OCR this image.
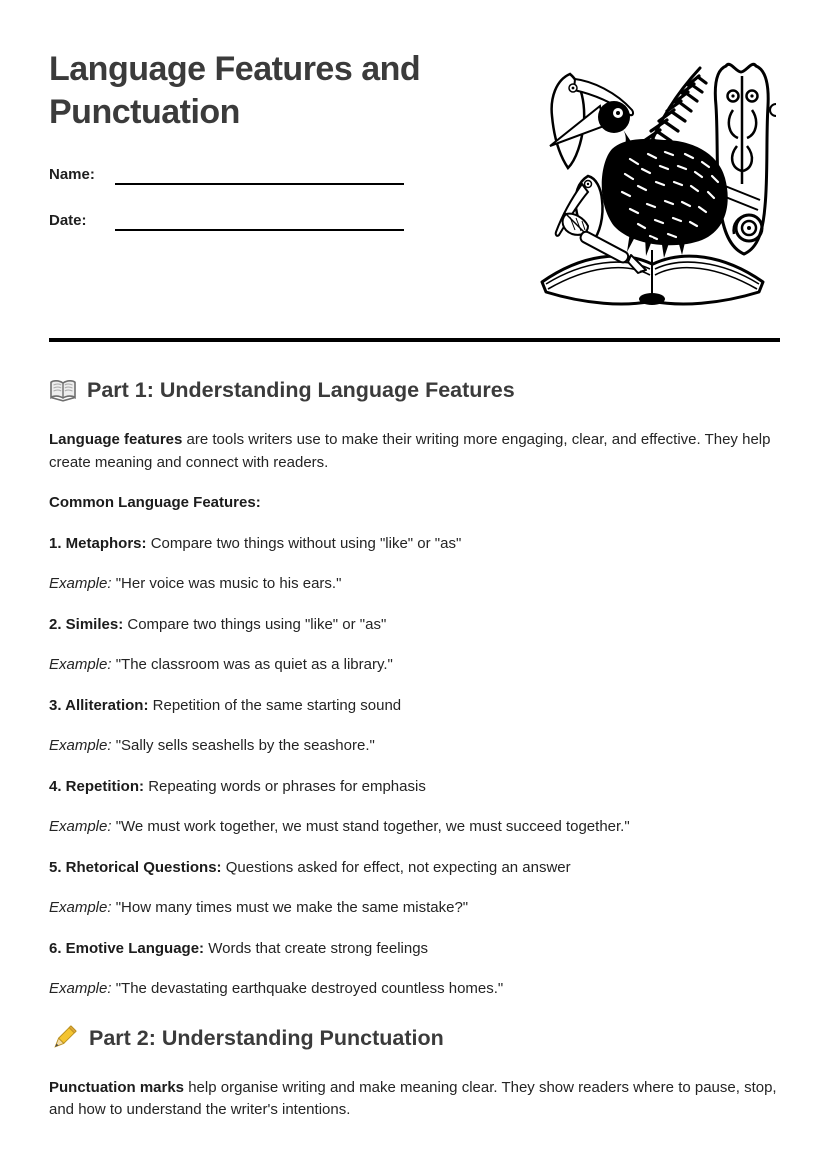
Language Features and Punctuation
Name:
Date:
Part 1: Understanding Language Features

Language features are tools writers use to make their writing more engaging, clear, and effective. They help create meaning and connect with readers.

Common Language Features:

1. Metaphors: Compare two things without using "like" or "as"

Example: "Her voice was music to his ears."

2. Similes: Compare two things using "like" or "as"

Example: "The classroom was as quiet as a library."

3. Alliteration: Repetition of the same starting sound

Example: "Sally sells seashells by the seashore."

4. Repetition: Repeating words or phrases for emphasis

Example: "We must work together, we must stand together, we must succeed together."

5. Rhetorical Questions: Questions asked for effect, not expecting an answer

Example: "How many times must we make the same mistake?"

6. Emotive Language: Words that create strong feelings

Example: "The devastating earthquake destroyed countless homes."

Part 2: Understanding Punctuation

Punctuation marks help organise writing and make meaning clear. They show readers where to pause, stop, and how to understand the writer's intentions.
